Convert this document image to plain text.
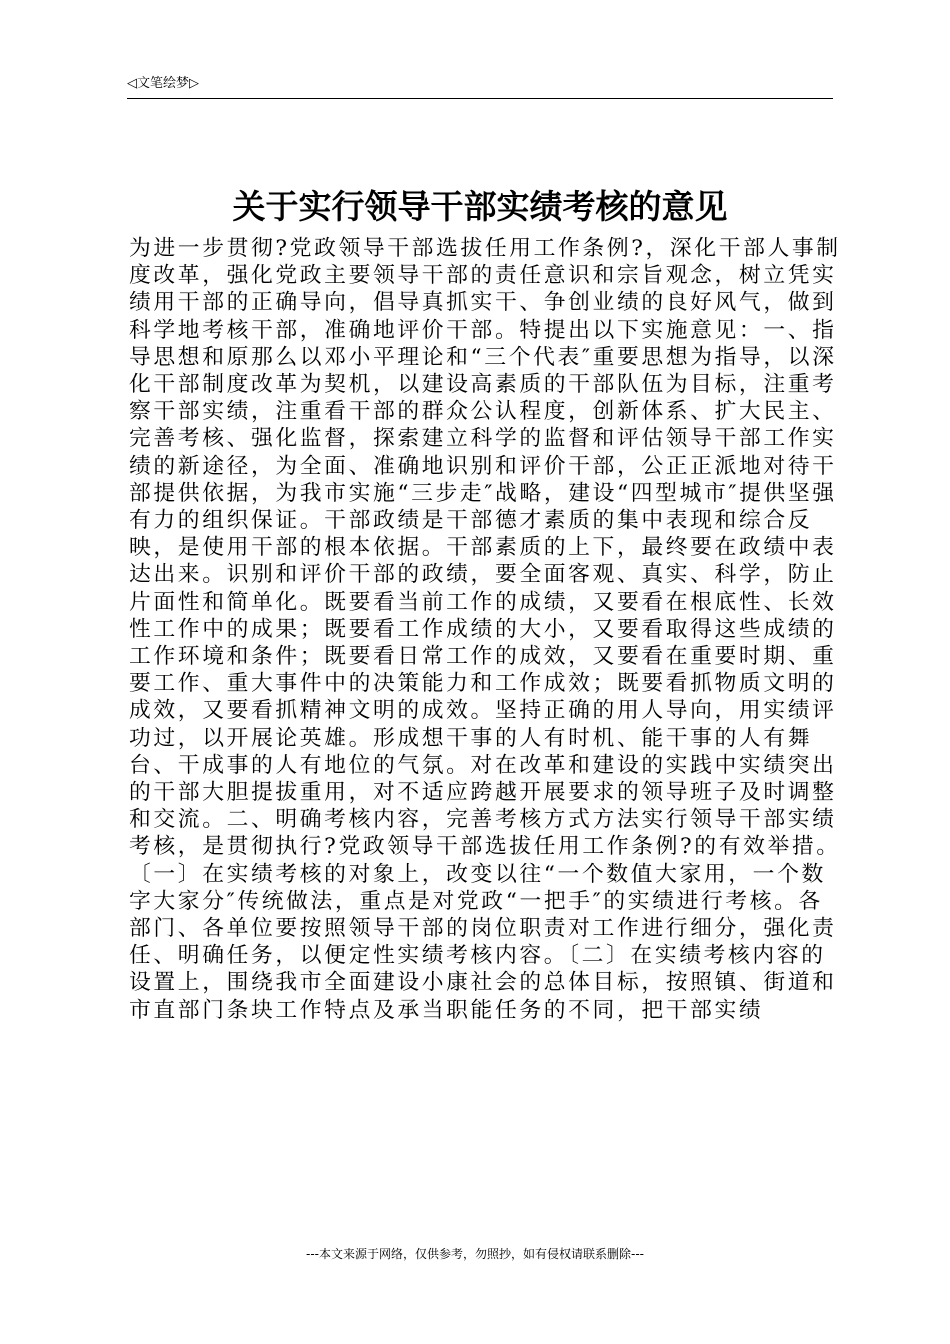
◁文笔绘梦▷
关于实行领导干部实绩考核的意见

为进一步贯彻?党政领导干部选拔任用工作条例?，深化干部人事制度改革，强化党政主要领导干部的责任意识和宗旨观念，树立凭实绩用干部的正确导向，倡导真抓实干、争创业绩的良好风气，做到科学地考核干部，准确地评价干部。特提出以下实施意见：一、指导思想和原那么以邓小平理论和“三个代表″重要思想为指导，以深化干部制度改革为契机，以建设高素质的干部队伍为目标，注重考察干部实绩，注重看干部的群众公认程度，创新体系、扩大民主、完善考核、强化监督，探索建立科学的监督和评估领导干部工作实绩的新途径，为全面、准确地识别和评价干部，公正正派地对待干部提供依据，为我市实施“三步走″战略，建设“四型城市″提供坚强有力的组织保证。干部政绩是干部德才素质的集中表现和综合反映，是使用干部的根本依据。干部素质的上下，最终要在政绩中表达出来。识别和评价干部的政绩，要全面客观、真实、科学，防止片面性和简单化。既要看当前工作的成绩，又要看在根底性、长效性工作中的成果；既要看工作成绩的大小，又要看取得这些成绩的工作环境和条件；既要看日常工作的成效，又要看在重要时期、重要工作、重大事件中的决策能力和工作成效；既要看抓物质文明的成效，又要看抓精神文明的成效。坚持正确的用人导向，用实绩评功过，以开展论英雄。形成想干事的人有时机、能干事的人有舞台、干成事的人有地位的气氛。对在改革和建设的实践中实绩突出的干部大胆提拔重用，对不适应跨越开展要求的领导班子及时调整和交流。二、明确考核内容，完善考核方式方法实行领导干部实绩考核，是贯彻执行?党政领导干部选拔任用工作条例?的有效举措。〔一〕在实绩考核的对象上，改变以往“一个数值大家用，一个数字大家分″传统做法，重点是对党政“一把手″的实绩进行考核。各部门、各单位要按照领导干部的岗位职责对工作进行细分，强化责任、明确任务，以便定性实绩考核内容。〔二〕在实绩考核内容的设置上，围绕我市全面建设小康社会的总体目标，按照镇、街道和市直部门条块工作特点及承当职能任务的不同，把干部实绩

---本文来源于网络，仅供参考，勿照抄，如有侵权请联系删除---
